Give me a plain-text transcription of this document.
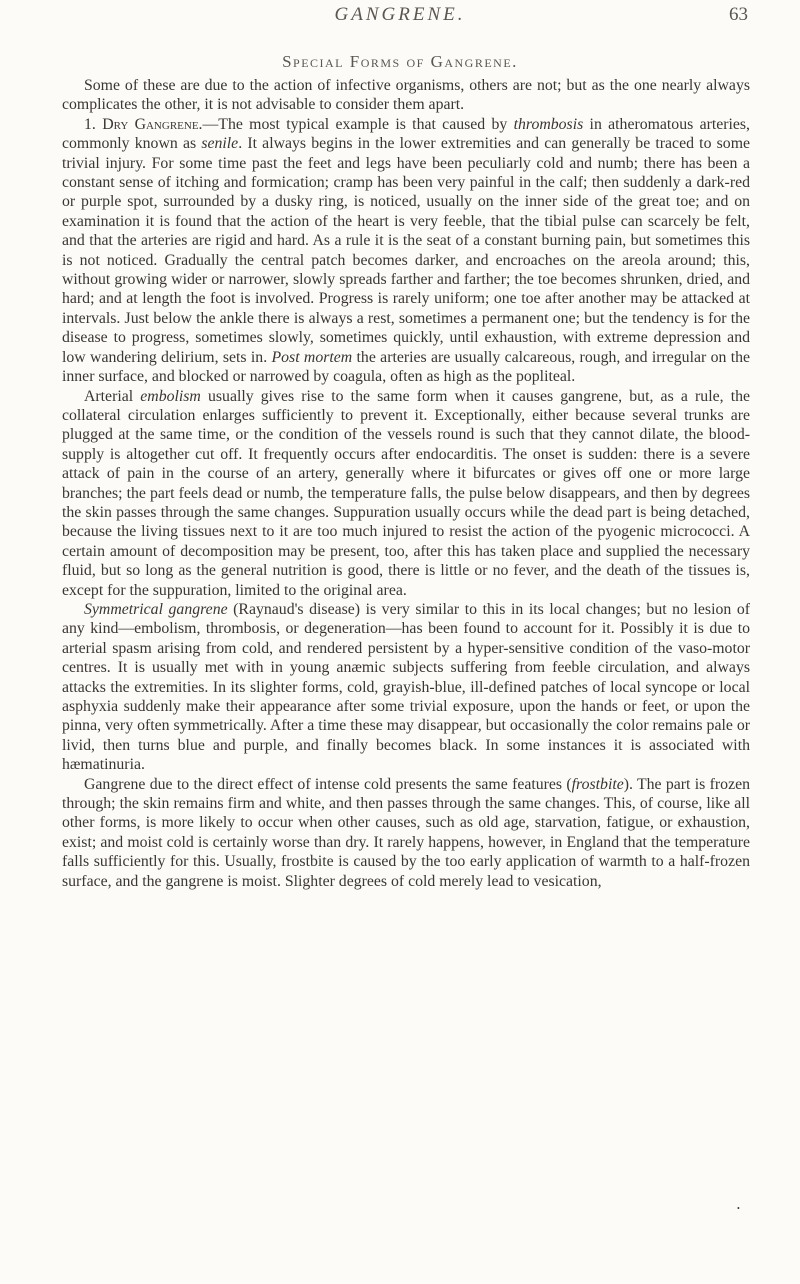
GANGRENE.	63
Special Forms of Gangrene.

Some of these are due to the action of infective organisms, others are not; but as the one nearly always complicates the other, it is not advisable to consider them apart.

1. Dry Gangrene.—The most typical example is that caused by thrombosis in atheromatous arteries, commonly known as senile. It always begins in the lower extremities and can generally be traced to some trivial injury. For some time past the feet and legs have been peculiarly cold and numb; there has been a constant sense of itching and formication; cramp has been very painful in the calf; then suddenly a dark-red or purple spot, surrounded by a dusky ring, is noticed, usually on the inner side of the great toe; and on examination it is found that the action of the heart is very feeble, that the tibial pulse can scarcely be felt, and that the arteries are rigid and hard. As a rule it is the seat of a constant burning pain, but sometimes this is not noticed. Gradually the central patch becomes darker, and encroaches on the areola around; this, without growing wider or narrower, slowly spreads farther and farther; the toe becomes shrunken, dried, and hard; and at length the foot is involved. Progress is rarely uniform; one toe after another may be attacked at intervals. Just below the ankle there is always a rest, sometimes a permanent one; but the tendency is for the disease to progress, sometimes slowly, sometimes quickly, until exhaustion, with extreme depression and low wandering delirium, sets in. Post mortem the arteries are usually calcareous, rough, and irregular on the inner surface, and blocked or narrowed by coagula, often as high as the popliteal.

Arterial embolism usually gives rise to the same form when it causes gangrene, but, as a rule, the collateral circulation enlarges sufficiently to prevent it. Exceptionally, either because several trunks are plugged at the same time, or the condition of the vessels round is such that they cannot dilate, the blood-supply is altogether cut off. It frequently occurs after endocarditis. The onset is sudden: there is a severe attack of pain in the course of an artery, generally where it bifurcates or gives off one or more large branches; the part feels dead or numb, the temperature falls, the pulse below disappears, and then by degrees the skin passes through the same changes. Suppuration usually occurs while the dead part is being detached, because the living tissues next to it are too much injured to resist the action of the pyogenic micrococci. A certain amount of decomposition may be present, too, after this has taken place and supplied the necessary fluid, but so long as the general nutrition is good, there is little or no fever, and the death of the tissues is, except for the suppuration, limited to the original area.

Symmetrical gangrene (Raynaud's disease) is very similar to this in its local changes; but no lesion of any kind—embolism, thrombosis, or degeneration—has been found to account for it. Possibly it is due to arterial spasm arising from cold, and rendered persistent by a hyper-sensitive condition of the vaso-motor centres. It is usually met with in young anæmic subjects suffering from feeble circulation, and always attacks the extremities. In its slighter forms, cold, grayish-blue, ill-defined patches of local syncope or local asphyxia suddenly make their appearance after some trivial exposure, upon the hands or feet, or upon the pinna, very often symmetrically. After a time these may disappear, but occasionally the color remains pale or livid, then turns blue and purple, and finally becomes black. In some instances it is associated with hæmatinuria.

Gangrene due to the direct effect of intense cold presents the same features (frostbite). The part is frozen through; the skin remains firm and white, and then passes through the same changes. This, of course, like all other forms, is more likely to occur when other causes, such as old age, starvation, fatigue, or exhaustion, exist; and moist cold is certainly worse than dry. It rarely happens, however, in England that the temperature falls sufficiently for this. Usually, frostbite is caused by the too early application of warmth to a half-frozen surface, and the gangrene is moist. Slighter degrees of cold merely lead to vesication,

•
